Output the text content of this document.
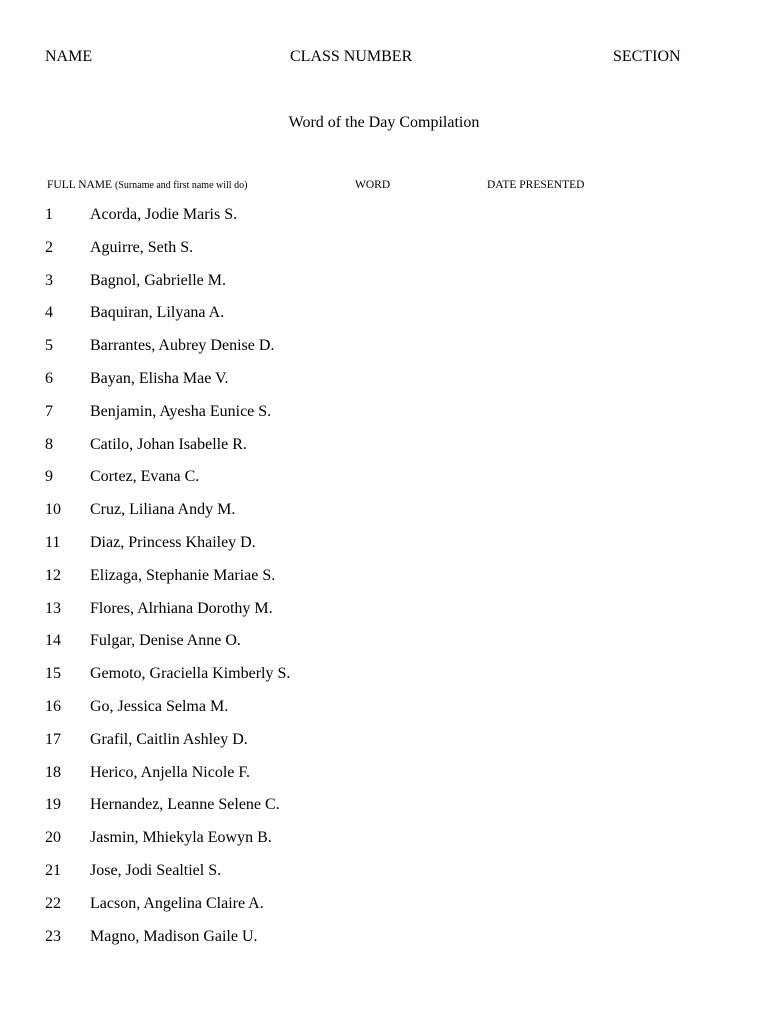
NAME	CLASS NUMBER	SECTION
Word of the Day Compilation
FULL NAME (Surname and first name will do)	WORD	DATE PRESENTED
1 Acorda, Jodie Maris S.
2 Aguirre, Seth S.
3 Bagnol, Gabrielle M.
4 Baquiran, Lilyana A.
5 Barrantes, Aubrey Denise D.
6 Bayan, Elisha Mae V.
7 Benjamin, Ayesha Eunice S.
8 Catilo, Johan Isabelle R.
9 Cortez, Evana C.
10 Cruz, Liliana Andy M.
11 Diaz, Princess Khailey D.
12 Elizaga, Stephanie Mariae S.
13 Flores, Alrhiana Dorothy M.
14 Fulgar, Denise Anne O.
15 Gemoto, Graciella Kimberly S.
16 Go, Jessica Selma M.
17 Grafil, Caitlin Ashley D.
18 Herico, Anjella Nicole F.
19 Hernandez, Leanne Selene C.
20 Jasmin, Mhiekyla Eowyn B.
21 Jose, Jodi Sealtiel S.
22 Lacson, Angelina Claire A.
23 Magno, Madison Gaile U.
